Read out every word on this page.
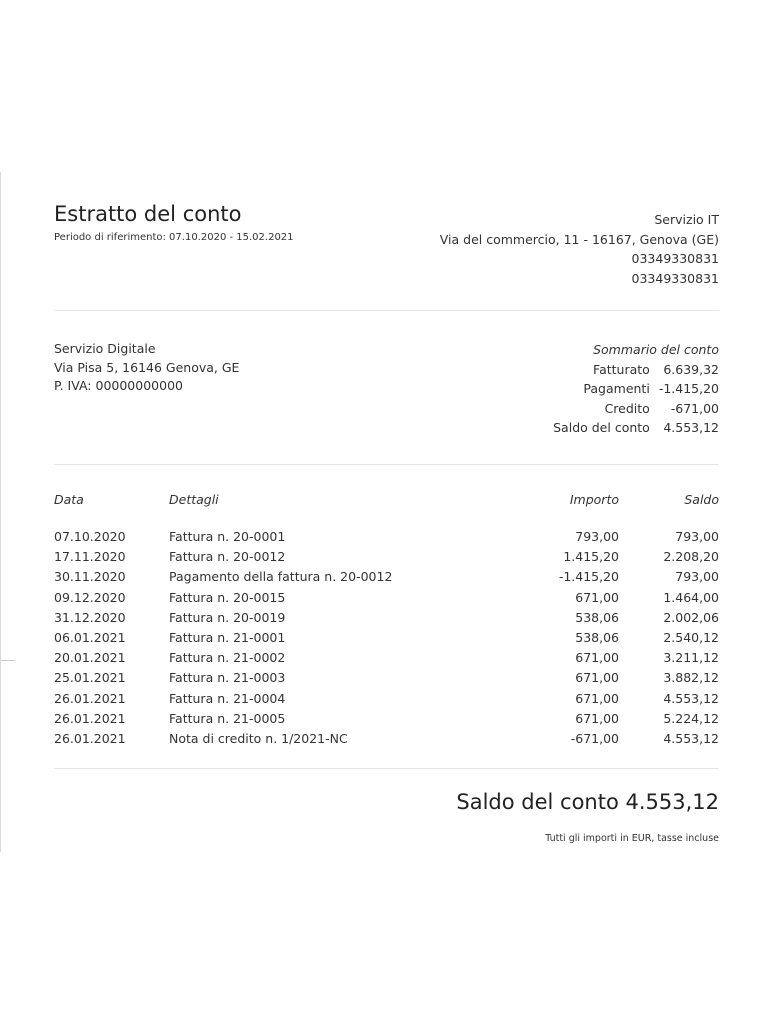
Estratto del conto
Periodo di riferimento: 07.10.2020 - 15.02.2021
Servizio IT
Via del commercio, 11 - 16167, Genova (GE)
03349330831
03349330831
Servizio Digitale
Via Pisa 5, 16146 Genova, GE
P. IVA: 00000000000
Sommario del conto
Fatturato	6.639,32
Pagamenti	-1.415,20
Credito	-671,00
Saldo del conto	4.553,12
Data	Dettagli	Importo	Saldo
07.10.2020	Fattura n. 20-0001	793,00	793,00
17.11.2020	Fattura n. 20-0012	1.415,20	2.208,20
30.11.2020	Pagamento della fattura n. 20-0012	-1.415,20	793,00
09.12.2020	Fattura n. 20-0015	671,00	1.464,00
31.12.2020	Fattura n. 20-0019	538,06	2.002,06
06.01.2021	Fattura n. 21-0001	538,06	2.540,12
20.01.2021	Fattura n. 21-0002	671,00	3.211,12
25.01.2021	Fattura n. 21-0003	671,00	3.882,12
26.01.2021	Fattura n. 21-0004	671,00	4.553,12
26.01.2021	Fattura n. 21-0005	671,00	5.224,12
26.01.2021	Nota di credito n. 1/2021-NC	-671,00	4.553,12
Saldo del conto 4.553,12
Tutti gli importi in EUR, tasse incluse
